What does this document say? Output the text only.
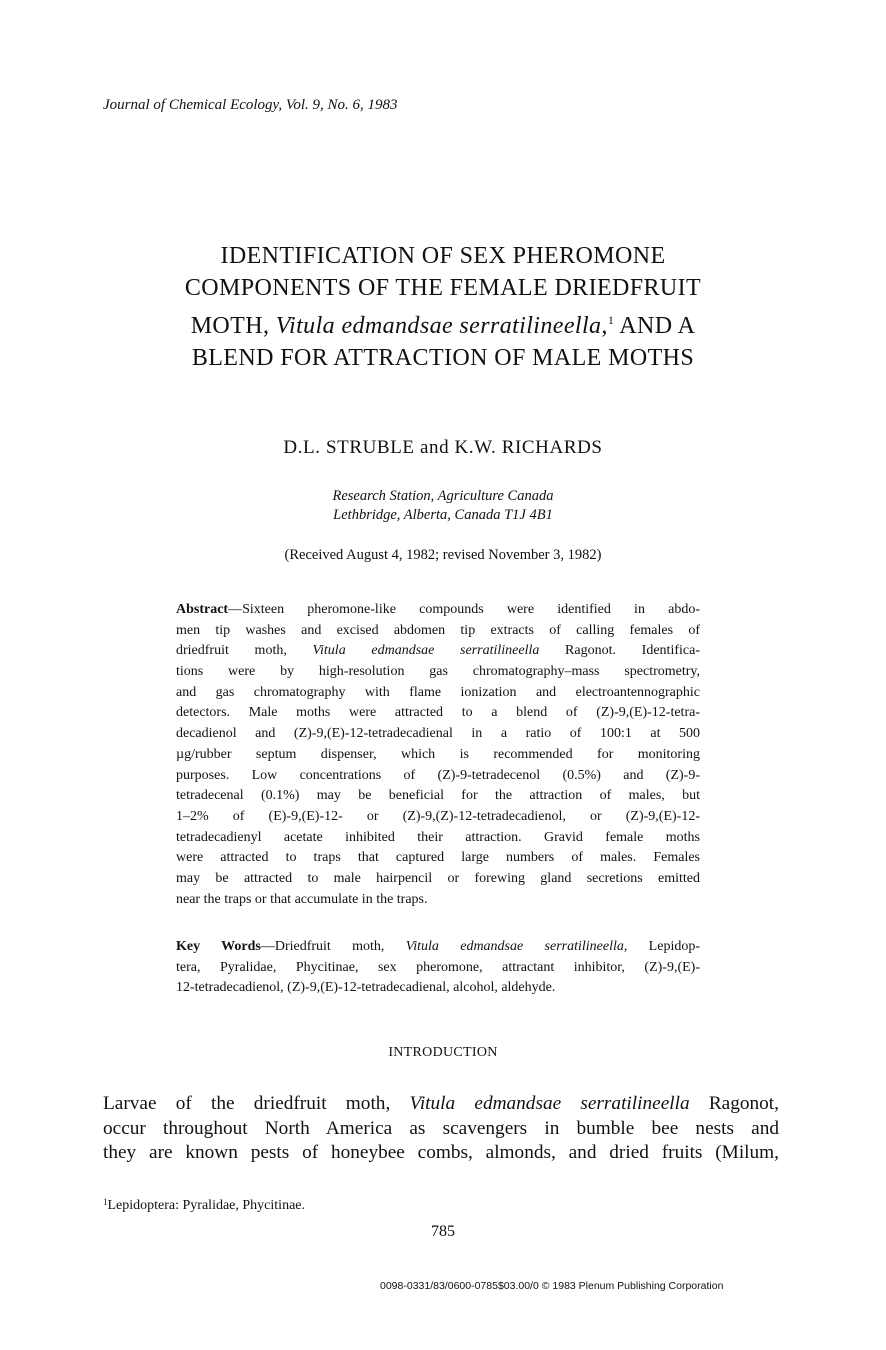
Journal of Chemical Ecology, Vol. 9, No. 6, 1983
IDENTIFICATION OF SEX PHEROMONE
COMPONENTS OF THE FEMALE DRIEDFRUIT
MOTH, Vitula edmandsae serratilineella,$^1$ AND A
BLEND FOR ATTRACTION OF MALE MOTHS
D.L. STRUBLE and K.W. RICHARDS
Research Station, Agriculture Canada
Lethbridge, Alberta, Canada T1J 4B1
(Received August 4, 1982; revised November 3, 1982)
Abstract—Sixteen pheromone-like compounds were identified in abdo-
men tip washes and excised abdomen tip extracts of calling females of
driedfruit moth, Vitula edmandsae serratilineella Ragonot. Identifica-
tions were by high-resolution gas chromatography–mass spectrometry,
and gas chromatography with flame ionization and electroantennographic
detectors. Male moths were attracted to a blend of (Z)-9,(E)-12-tetra-
decadienol and (Z)-9,(E)-12-tetradecadienal in a ratio of 100:1 at 500
µg/rubber septum dispenser, which is recommended for monitoring
purposes. Low concentrations of (Z)-9-tetradecenol (0.5%) and (Z)-9-
tetradecenal (0.1%) may be beneficial for the attraction of males, but
1–2% of (E)-9,(E)-12- or (Z)-9,(Z)-12-tetradecadienol, or (Z)-9,(E)-12-
tetradecadienyl acetate inhibited their attraction. Gravid female moths
were attracted to traps that captured large numbers of males. Females
may be attracted to male hairpencil or forewing gland secretions emitted
near the traps or that accumulate in the traps.
Key Words—Driedfruit moth, Vitula edmandsae serratilineella, Lepidop-
tera, Pyralidae, Phycitinae, sex pheromone, attractant inhibitor, (Z)-9,(E)-
12-tetradecadienol, (Z)-9,(E)-12-tetradecadienal, alcohol, aldehyde.
INTRODUCTION
Larvae of the driedfruit moth, Vitula edmandsae serratilineella Ragonot,
occur throughout North America as scavengers in bumble bee nests and
they are known pests of honeybee combs, almonds, and dried fruits (Milum,
$^1$Lepidoptera: Pyralidae, Phycitinae.
785
0098-0331/83/0600-0785$03.00/0 © 1983 Plenum Publishing Corporation
